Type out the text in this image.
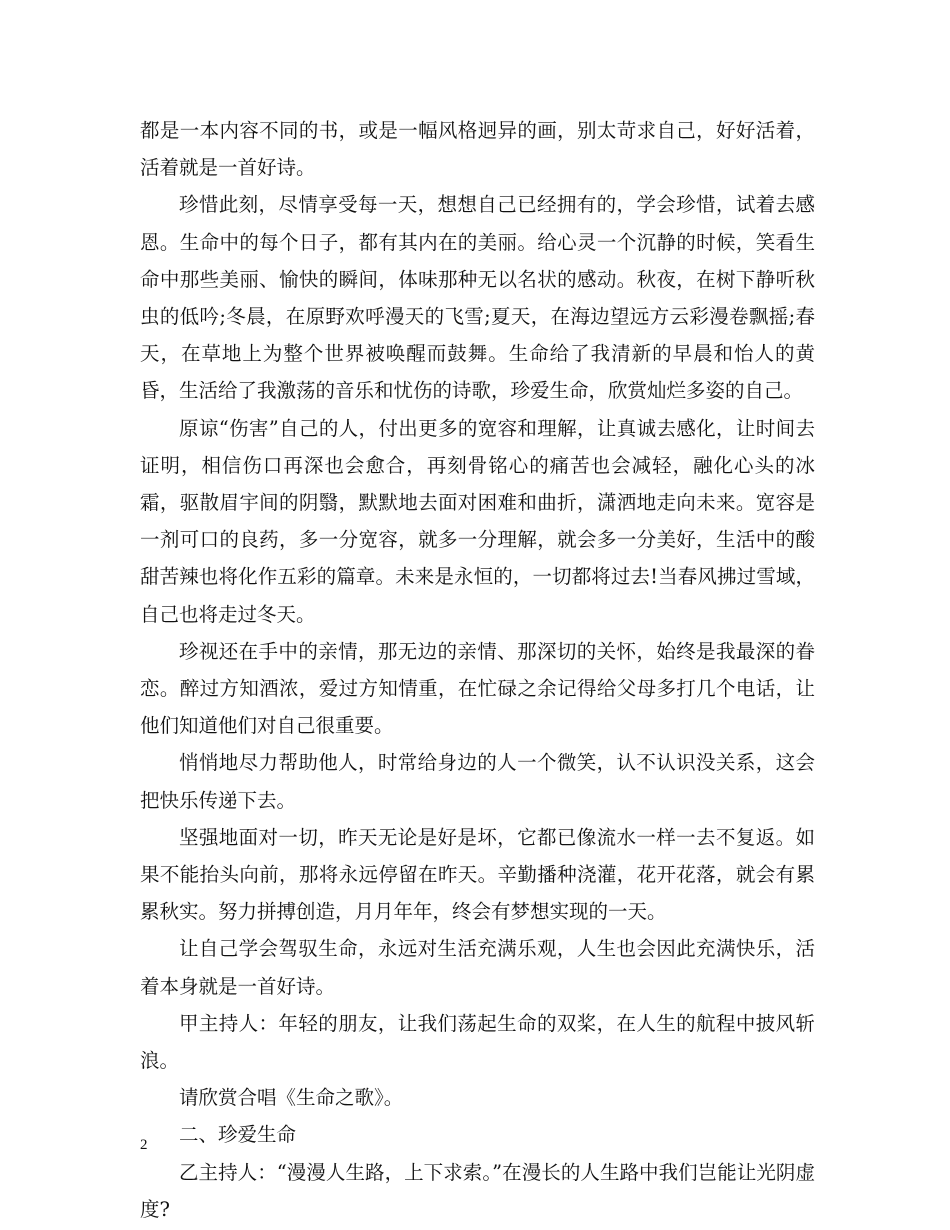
都是一本内容不同的书，或是一幅风格迥异的画，别太苛求自己，好好活着，活着就是一首好诗。

珍惜此刻，尽情享受每一天，想想自己已经拥有的，学会珍惜，试着去感恩。生命中的每个日子，都有其内在的美丽。给心灵一个沉静的时候，笑看生命中那些美丽、愉快的瞬间，体味那种无以名状的感动。秋夜，在树下静听秋虫的低吟;冬晨，在原野欢呼漫天的飞雪;夏天，在海边望远方云彩漫卷飘摇;春天，在草地上为整个世界被唤醒而鼓舞。生命给了我清新的早晨和怡人的黄昏，生活给了我激荡的音乐和忧伤的诗歌，珍爱生命，欣赏灿烂多姿的自己。

原谅“伤害”自己的人，付出更多的宽容和理解，让真诚去感化，让时间去证明，相信伤口再深也会愈合，再刻骨铭心的痛苦也会减轻，融化心头的冰霜，驱散眉宇间的阴翳，默默地去面对困难和曲折，潇洒地走向未来。宽容是一剂可口的良药，多一分宽容，就多一分理解，就会多一分美好，生活中的酸甜苦辣也将化作五彩的篇章。未来是永恒的，一切都将过去!当春风拂过雪域，自己也将走过冬天。

珍视还在手中的亲情，那无边的亲情、那深切的关怀，始终是我最深的眷恋。醉过方知酒浓，爱过方知情重，在忙碌之余记得给父母多打几个电话，让他们知道他们对自己很重要。

悄悄地尽力帮助他人，时常给身边的人一个微笑，认不认识没关系，这会把快乐传递下去。

坚强地面对一切，昨天无论是好是坏，它都已像流水一样一去不复返。如果不能抬头向前，那将永远停留在昨天。辛勤播种浇灌，花开花落，就会有累累秋实。努力拼搏创造，月月年年，终会有梦想实现的一天。

让自己学会驾驭生命，永远对生活充满乐观，人生也会因此充满快乐，活着本身就是一首好诗。

甲主持人：年轻的朋友，让我们荡起生命的双桨，在人生的航程中披风斩浪。

请欣赏合唱《生命之歌》。

二、珍爱生命

乙主持人：“漫漫人生路，上下求索。”在漫长的人生路中我们岂能让光阴虚度?

2
